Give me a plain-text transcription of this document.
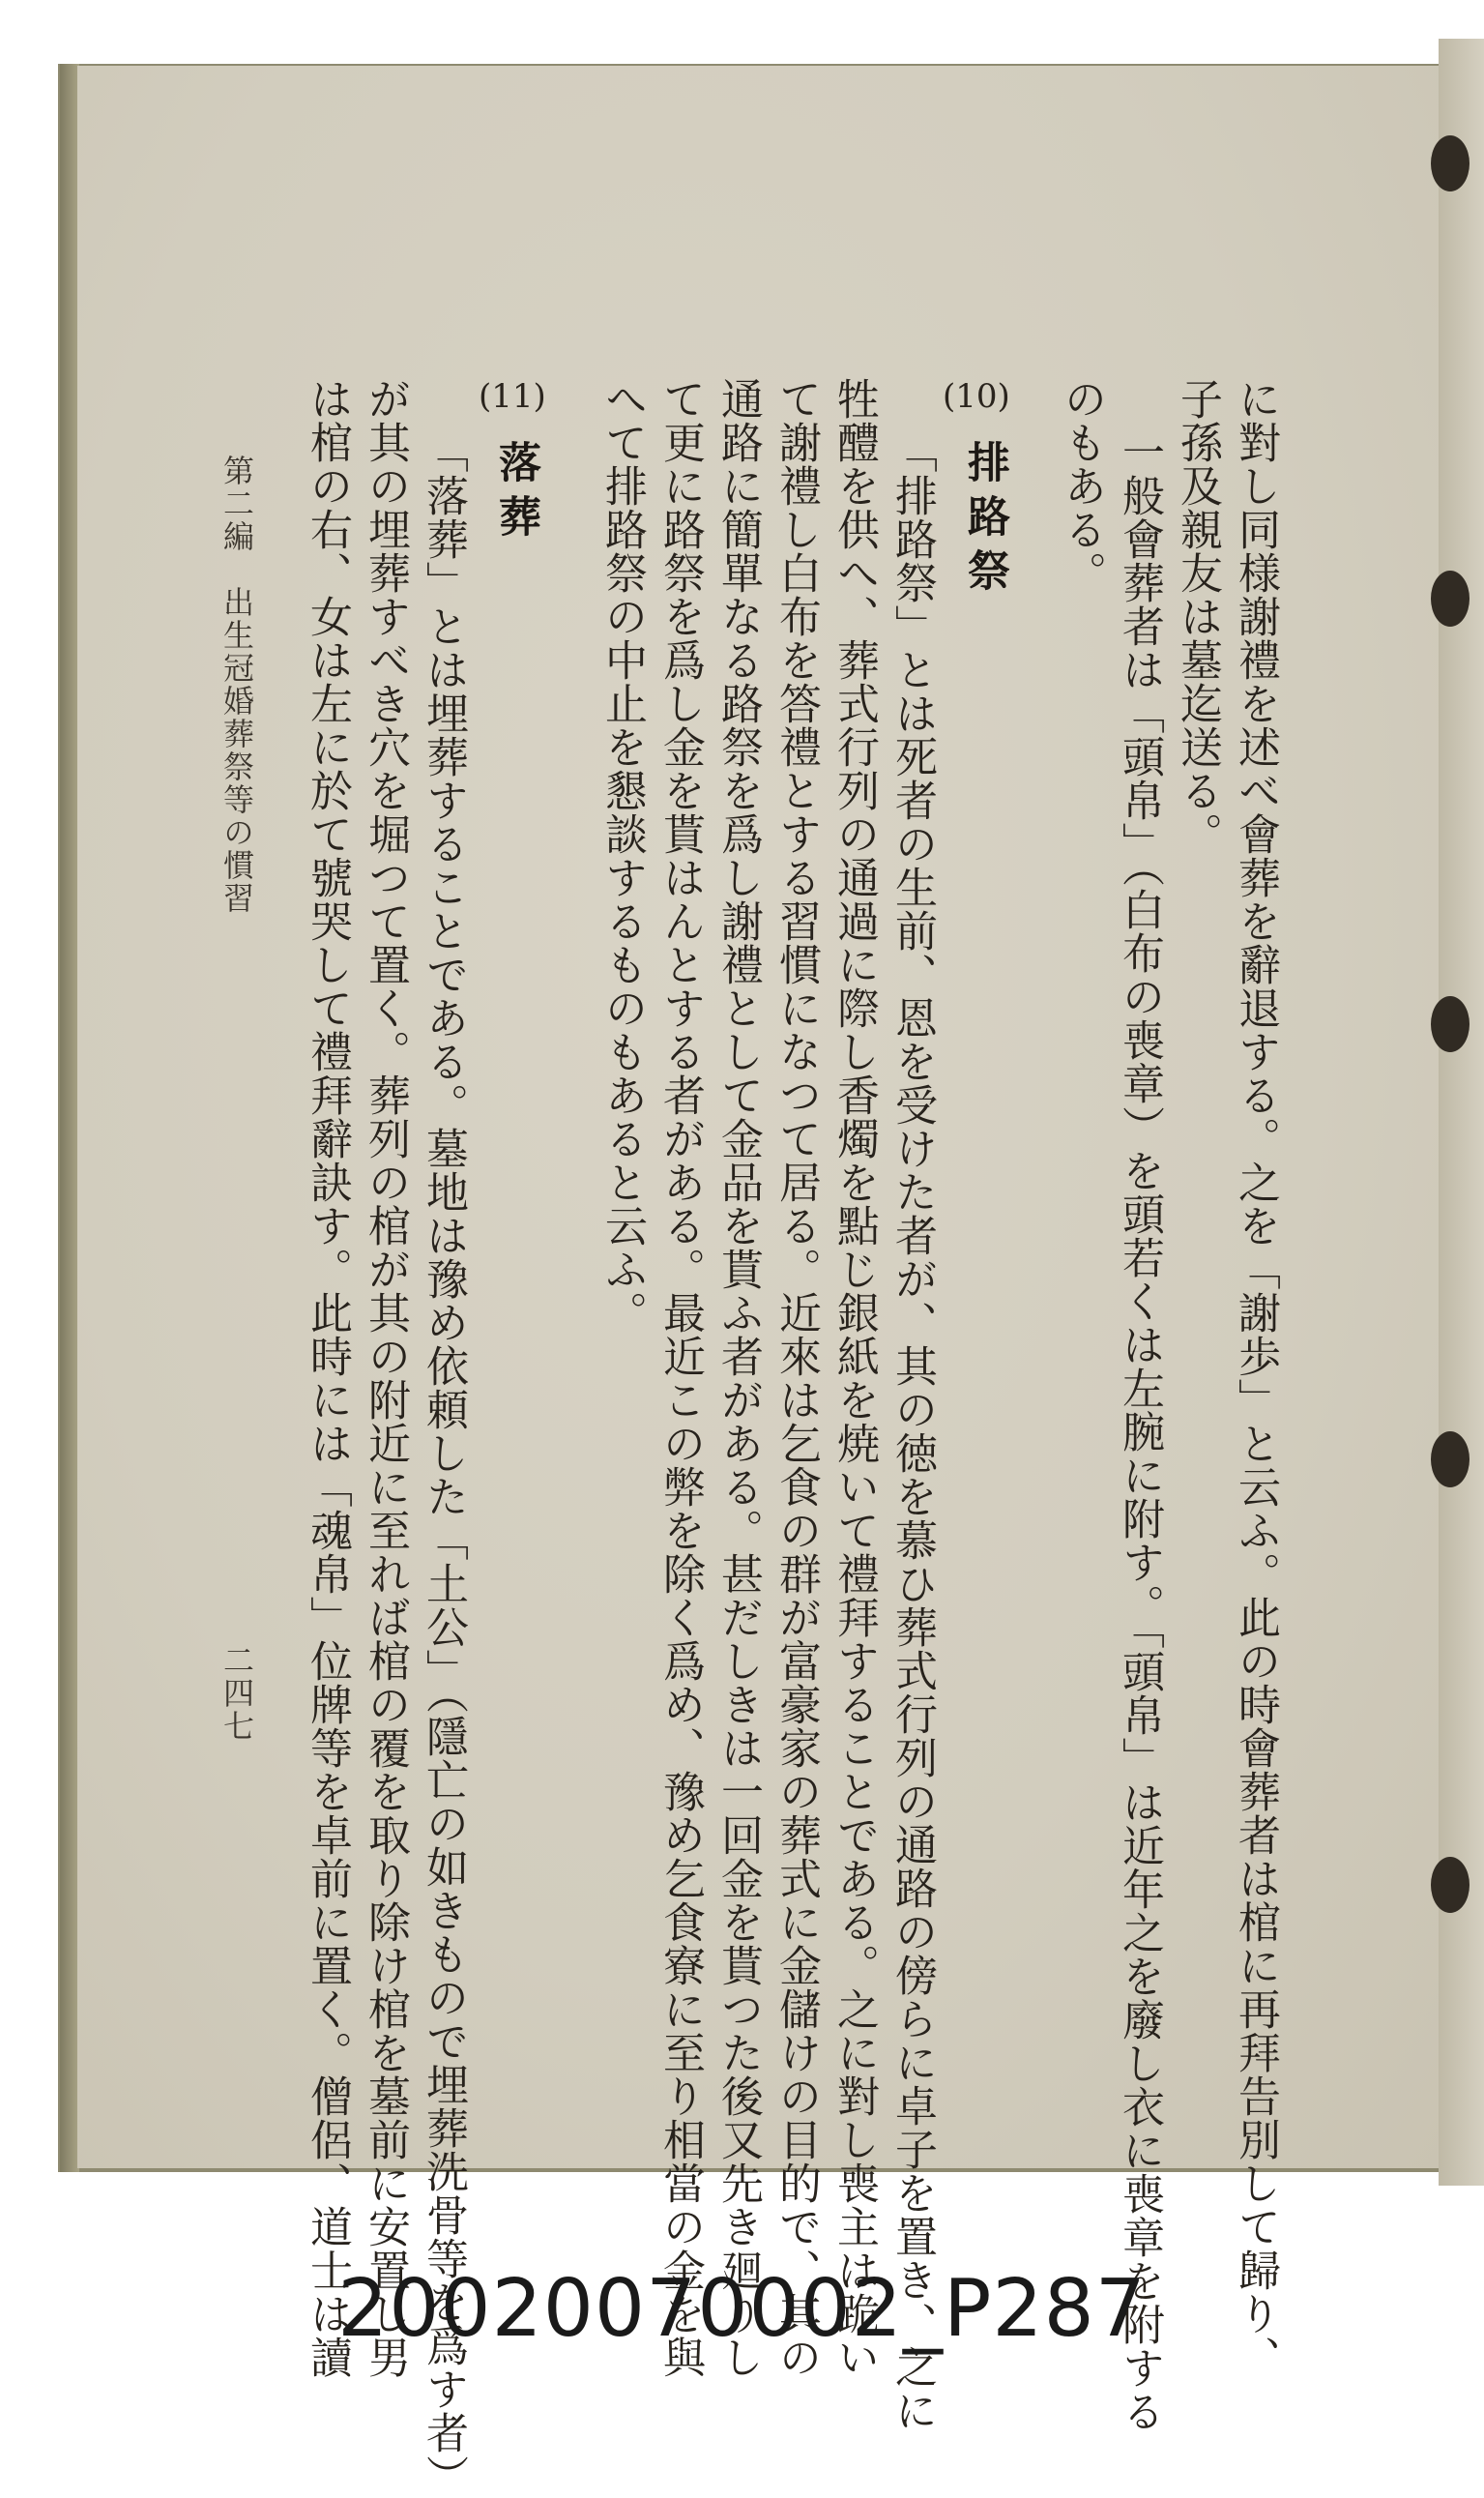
に對し同様謝禮を述べ會葬を辭退する。之を「謝歩」と云ふ。此の時會葬者は棺に再拜告別して歸り、
子孫及親友は墓迄送る。
一般會葬者は「頭帛」（白布の喪章）を頭若くは左腕に附す。「頭帛」は近年之を廢し衣に喪章を附する
のもある。
(10)
排路祭
「排路祭」とは死者の生前、恩を受けた者が、其の徳を慕ひ葬式行列の通路の傍らに卓子を置き、之に
牲醴を供へ、葬式行列の通過に際し香燭を點じ銀紙を焼いて禮拜することである。之に對し喪主は跪い
て謝禮し白布を答禮とする習慣になつて居る。近來は乞食の群が富豪家の葬式に金儲けの目的で、其の
通路に簡單なる路祭を爲し謝禮として金品を貰ふ者がある。甚だしきは一回金を貰つた後又先き廻りし
て更に路祭を爲し金を貰はんとする者がある。最近この弊を除く爲め、豫め乞食寮に至り相當の金を與
へて排路祭の中止を懇談するものもあると云ふ。
(11)
落葬
「落葬」とは埋葬することである。墓地は豫め依頼した「土公」（隱亡の如きもので埋葬洗骨等を爲す者）
が其の埋葬すべき穴を堀つて置く。葬列の棺が其の附近に至れば棺の覆を取り除け棺を墓前に安置し男
は棺の右、女は左に於て號哭して禮拜辭訣す。此時には「魂帛」位牌等を卓前に置く。僧侶、道士は讀
第二編　出生冠婚葬祭等の慣習
二四七
20020070002_P287
